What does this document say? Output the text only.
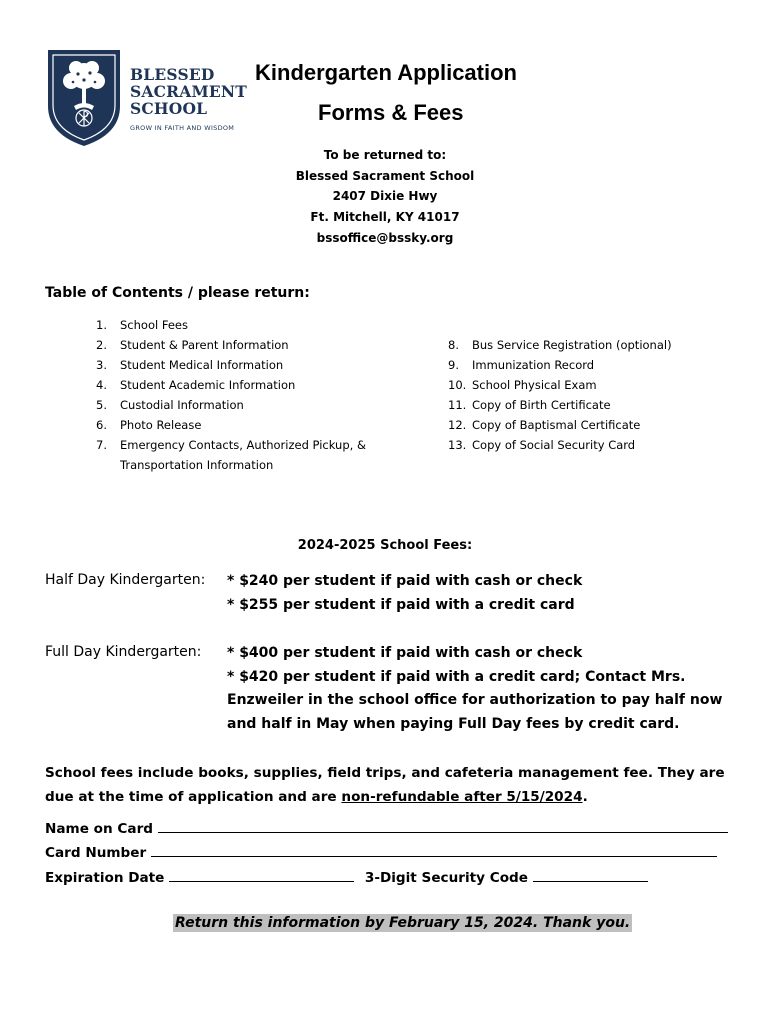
BLESSED
SACRAMENT
SCHOOL
GROW IN FAITH AND WISDOM
Kindergarten Application
Forms & Fees
To be returned to:
Blessed Sacrament School
2407 Dixie Hwy
Ft. Mitchell, KY 41017
bssoffice@bssky.org
Table of Contents / please return:
1. School Fees
2. Student & Parent Information
3. Student Medical Information
4. Student Academic Information
5. Custodial Information
6. Photo Release
7. Emergency Contacts, Authorized Pickup, & Transportation Information
8. Bus Service Registration (optional)
9. Immunization Record
10. School Physical Exam
11. Copy of Birth Certificate
12. Copy of Baptismal Certificate
13. Copy of Social Security Card
2024-2025 School Fees:
Half Day Kindergarten: * $240 per student if paid with cash or check
* $255 per student if paid with a credit card
Full Day Kindergarten: * $400 per student if paid with cash or check
* $420 per student if paid with a credit card; Contact Mrs. Enzweiler in the school office for authorization to pay half now and half in May when paying Full Day fees by credit card.
School fees include books, supplies, field trips, and cafeteria management fee. They are due at the time of application and are non-refundable after 5/15/2024.
Name on Card
Card Number
Expiration Date	3-Digit Security Code
Return this information by February 15, 2024. Thank you.
